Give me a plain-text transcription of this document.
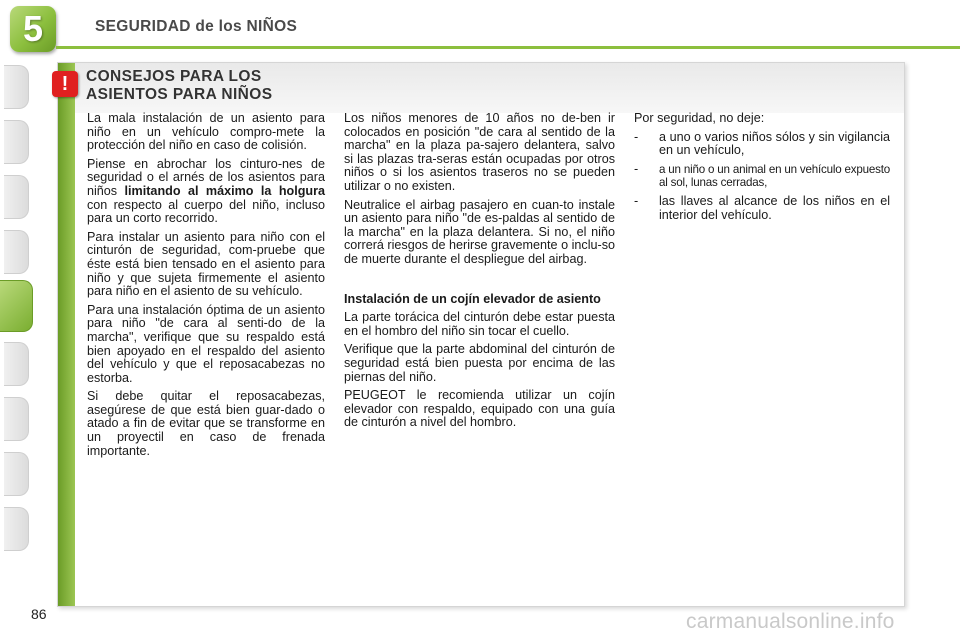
5	SEGURIDAD de los NIÑOS
!	CONSEJOS PARA LOS
ASIENTOS PARA NIÑOS

La mala instalación de un asiento para niño en un vehículo compro-mete la protección del niño en caso de colisión.

Piense en abrochar los cinturo-nes de seguridad o el arnés de los asientos para niños limitando al máximo la holgura con respecto al cuerpo del niño, incluso para un corto recorrido.

Para instalar un asiento para niño con el cinturón de seguridad, com-pruebe que éste está bien tensado en el asiento para niño y que sujeta firmemente el asiento para niño en el asiento de su vehículo.

Para una instalación óptima de un asiento para niño "de cara al senti-do de la marcha", verifique que su respaldo está bien apoyado en el respaldo del asiento del vehículo y que el reposacabezas no estorba.

Si debe quitar el reposacabezas, asegúrese de que está bien guar-dado o atado a fin de evitar que se transforme en un proyectil en caso de frenada importante.

Los niños menores de 10 años no de-ben ir colocados en posición "de cara al sentido de la marcha" en la plaza pa-sajero delantera, salvo si las plazas tra-seras están ocupadas por otros niños o si los asientos traseros no se pueden utilizar o no existen.

Neutralice el airbag pasajero en cuan-to instale un asiento para niño "de es-paldas al sentido de la marcha" en la plaza delantera. Si no, el niño correrá riesgos de herirse gravemente o inclu-so de muerte durante el despliegue del airbag.

Instalación de un cojín elevador de asiento

La parte torácica del cinturón debe estar puesta en el hombro del niño sin tocar el cuello.

Verifique que la parte abdominal del cinturón de seguridad está bien puesta por encima de las piernas del niño.

PEUGEOT le recomienda utilizar un cojín elevador con respaldo, equipado con una guía de cinturón a nivel del hombro.

Por seguridad, no deje:

-	a uno o varios niños sólos y sin vigilancia en un vehículo,
-	a un niño o un animal en un vehículo expuesto al sol, lunas cerradas,
-	las llaves al alcance de los niños en el interior del vehículo.
86	carmanualsonline.info
